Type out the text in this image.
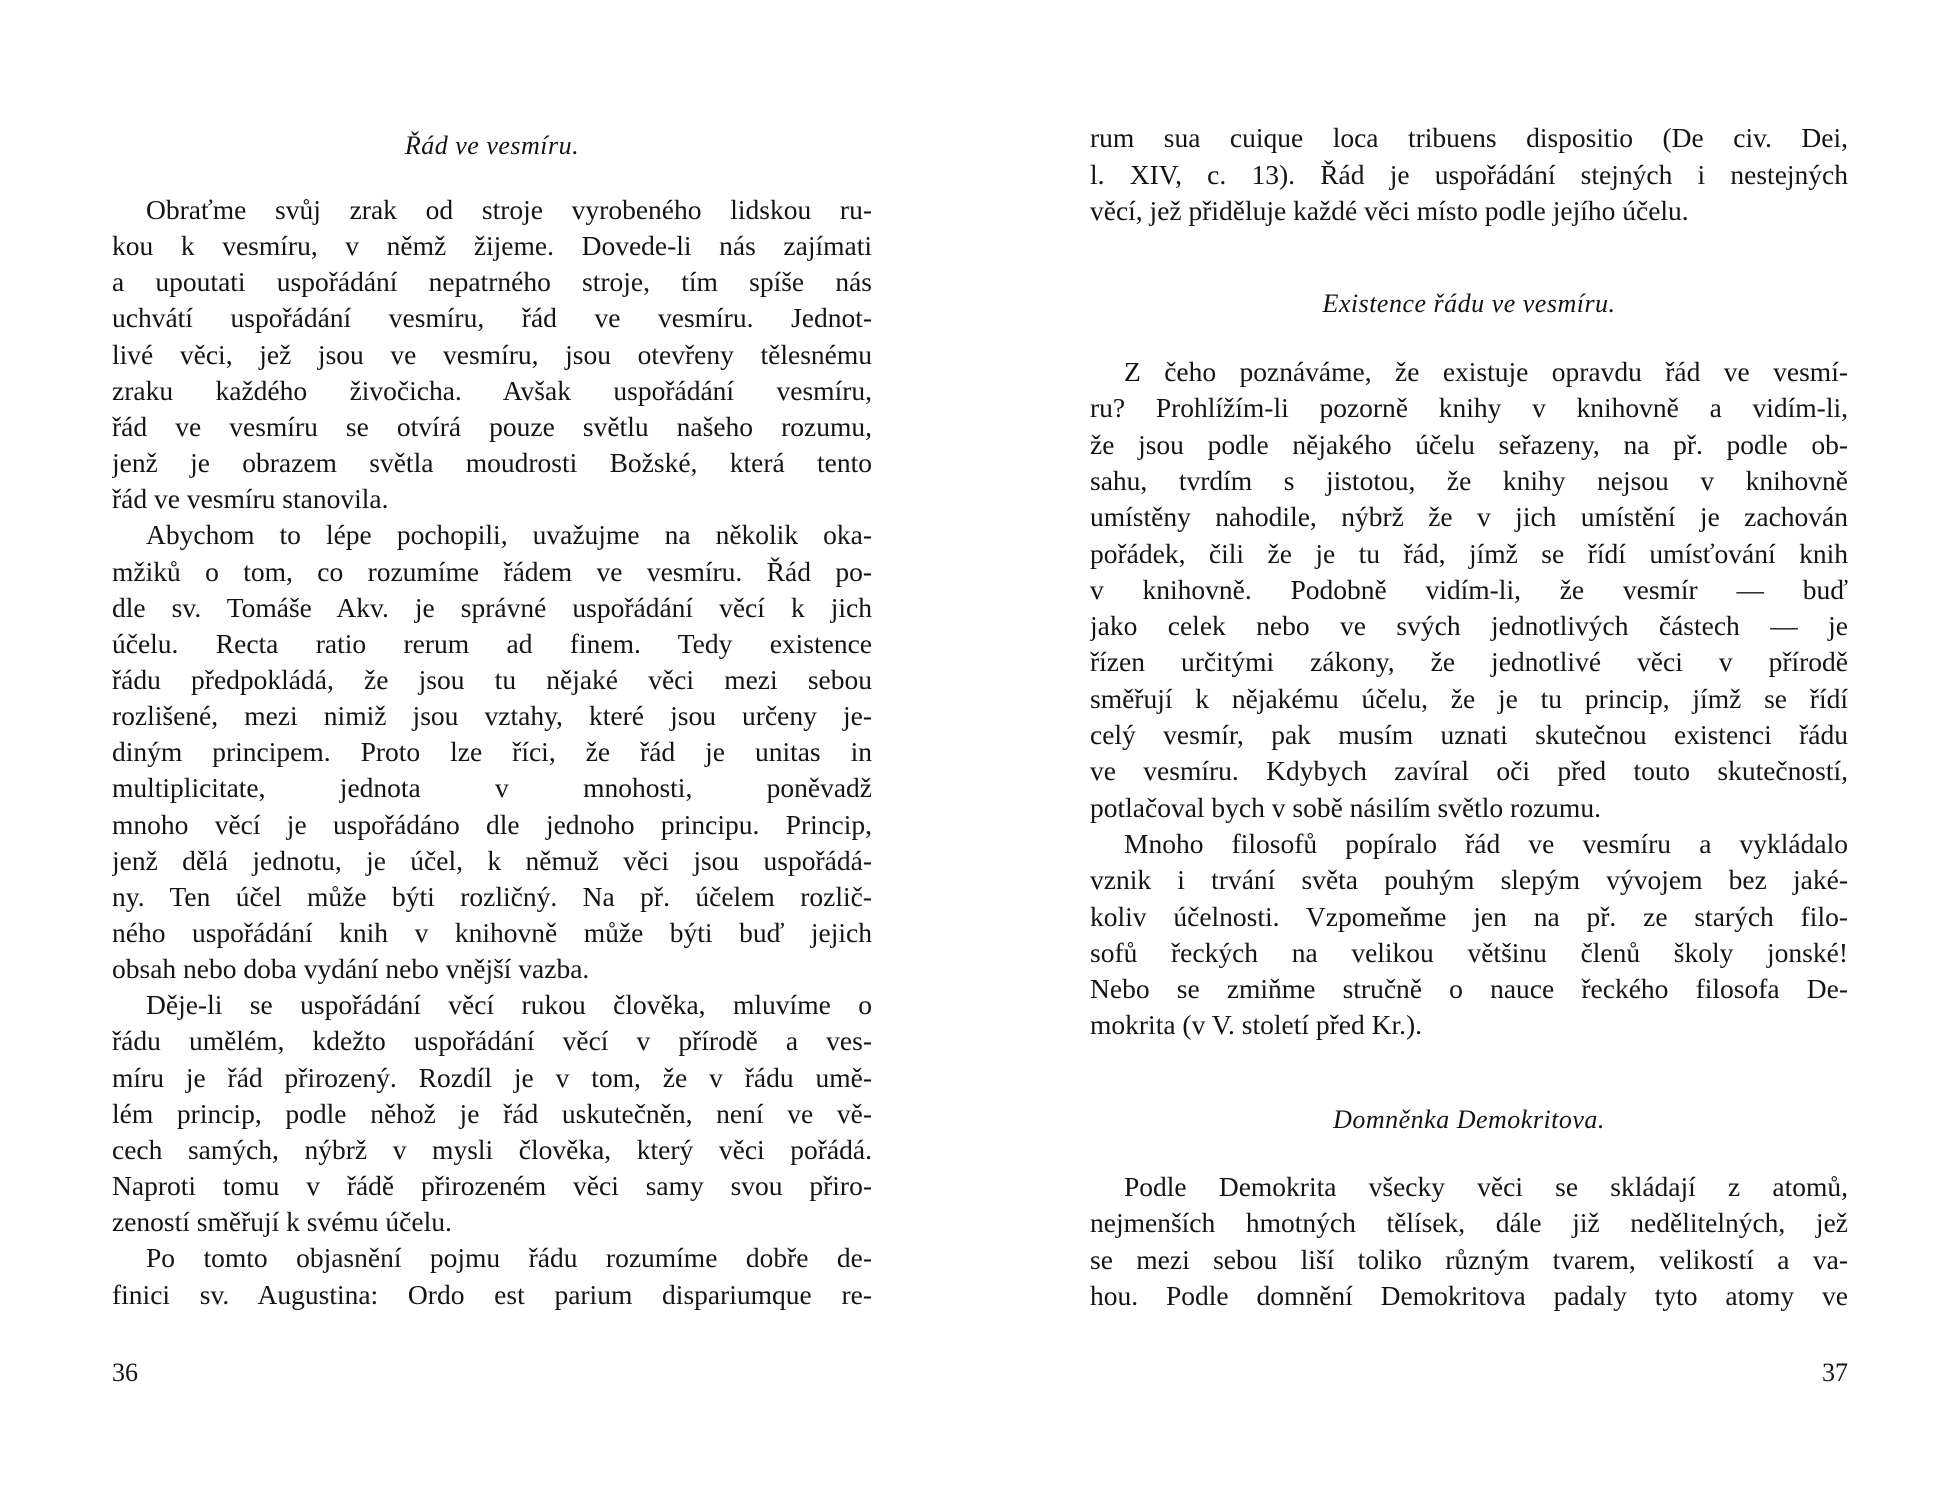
Řád ve vesmíru.
Obraťme svůj zrak od stroje vyrobeného lidskou ru-
kou k vesmíru, v němž žijeme. Dovede-li nás zajímati
a upoutati uspořádání nepatrného stroje, tím spíše nás
uchvátí uspořádání vesmíru, řád ve vesmíru. Jednot-
livé věci, jež jsou ve vesmíru, jsou otevřeny tělesnému
zraku každého živočicha. Avšak uspořádání vesmíru,
řád ve vesmíru se otvírá pouze světlu našeho rozumu,
jenž je obrazem světla moudrosti Božské, která tento
řád ve vesmíru stanovila.
Abychom to lépe pochopili, uvažujme na několik oka-
mžiků o tom, co rozumíme řádem ve vesmíru. Řád po-
dle sv. Tomáše Akv. je správné uspořádání věcí k jich
účelu. Recta ratio rerum ad finem. Tedy existence
řádu předpokládá, že jsou tu nějaké věci mezi sebou
rozlišené, mezi nimiž jsou vztahy, které jsou určeny je-
diným principem. Proto lze říci, že řád je unitas in
multiplicitate, jednota v mnohosti, poněvadž
mnoho věcí je uspořádáno dle jednoho principu. Princip,
jenž dělá jednotu, je účel, k němuž věci jsou uspořádá-
ny. Ten účel může býti rozličný. Na př. účelem rozlič-
ného uspořádání knih v knihovně může býti buď jejich
obsah nebo doba vydání nebo vnější vazba.
Děje-li se uspořádání věcí rukou člověka, mluvíme o
řádu umělém, kdežto uspořádání věcí v přírodě a ves-
míru je řád přirozený. Rozdíl je v tom, že v řádu umě-
lém princip, podle něhož je řád uskutečněn, není ve vě-
cech samých, nýbrž v mysli člověka, který věci pořádá.
Naproti tomu v řádě přirozeném věci samy svou přiro-
zeností směřují k svému účelu.
Po tomto objasnění pojmu řádu rozumíme dobře de-
finici sv. Augustina: Ordo est parium dispariumque re-
36
rum sua cuique loca tribuens dispositio (De civ. Dei,
l. XIV, c. 13). Řád je uspořádání stejných i nestejných
věcí, jež přiděluje každé věci místo podle jejího účelu.
Existence řádu ve vesmíru.
Z čeho poznáváme, že existuje opravdu řád ve vesmí-
ru? Prohlížím-li pozorně knihy v knihovně a vidím-li,
že jsou podle nějakého účelu seřazeny, na př. podle ob-
sahu, tvrdím s jistotou, že knihy nejsou v knihovně
umístěny nahodile, nýbrž že v jich umístění je zachován
pořádek, čili že je tu řád, jímž se řídí umísťování knih
v knihovně. Podobně vidím-li, že vesmír — buď
jako celek nebo ve svých jednotlivých částech — je
řízen určitými zákony, že jednotlivé věci v přírodě
směřují k nějakému účelu, že je tu princip, jímž se řídí
celý vesmír, pak musím uznati skutečnou existenci řádu
ve vesmíru. Kdybych zavíral oči před touto skutečností,
potlačoval bych v sobě násilím světlo rozumu.
Mnoho filosofů popíralo řád ve vesmíru a vykládalo
vznik i trvání světa pouhým slepým vývojem bez jaké-
koliv účelnosti. Vzpomeňme jen na př. ze starých filo-
sofů řeckých na velikou většinu členů školy jonské!
Nebo se zmiňme stručně o nauce řeckého filosofa De-
mokrita (v V. století před Kr.).
Domněnka Demokritova.
Podle Demokrita všecky věci se skládají z atomů,
nejmenších hmotných tělísek, dále již nedělitelných, jež
se mezi sebou liší toliko různým tvarem, velikostí a va-
hou. Podle domnění Demokritova padaly tyto atomy ve
37
